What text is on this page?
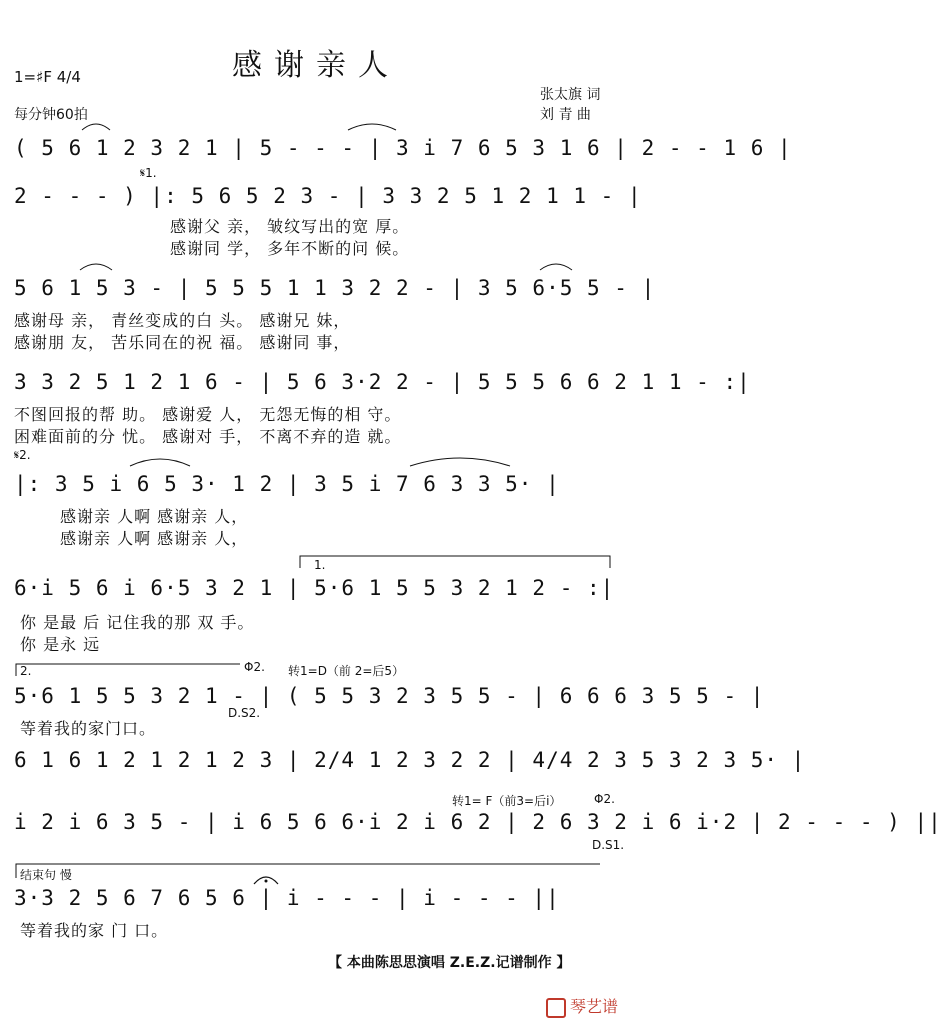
感谢亲人
1=♯F 4/4
每分钟60拍
张太旗 词
刘 青 曲
( 5 6 1 2 3 2 1 | 5 - - - | 3 i 7 6 5 3 1 6 | 2 - - 1 6 |
𝄋1.
2 - - - ) |: 5 6 5 2 3 - | 3 3 2 5 1 2 1 1 - |
感谢父 亲， 皱纹写出的宽 厚。
感谢同 学， 多年不断的问 候。
5 6 1 5 3 - | 5 5 5 1 1 3 2 2 - | 3 5 6·5 5 - |
感谢母 亲， 青丝变成的白 头。 感谢兄 妹，
感谢朋 友， 苦乐同在的祝 福。 感谢同 事，
3 3 2 5 1 2 1 6 - | 5 6 3·2 2 - | 5 5 5 6 6 2 1 1 - :|
不图回报的帮 助。 感谢爱 人， 无怨无悔的相 守。
困难面前的分 忧。 感谢对 手， 不离不弃的造 就。
𝄋2.
|: 3 5 i 6 5 3· 1 2 | 3 5 i 7 6 3 3 5· |
感谢亲 人啊 感谢亲 人，
感谢亲 人啊 感谢亲 人，
1.
6·i 5 6 i 6·5 3 2 1 | 5·6 1 5 5 3 2 1 2 - :|
你 是最 后 记住我的那 双 手。
你 是永 远
2.	Φ2. 转1=D（前 2=后5）
5·6 1 5 5 3 2 1 - | ( 5 5 3 2 3 5 5 - | 6 6 6 3 5 5 - |
D.S2.
等着我的家门口。
6 1 6 1 2 1 2 1 2 3 | 2/4 1 2 3 2 2 | 4/4 2 3 5 3 2 3 5· |
转1= F（前3=后i）	Φ2.
i 2 i 6 3 5 - | i 6 5 6 6·i 2 i 6 2 | 2 6 3 2 i 6 i·2 | 2 - - - ) ||
D.S1.
结束句 慢
3·3 2 5 6 7 6 5 6 | i - - - | i - - - ||
等着我的家 门 口。
【 本曲陈思思演唱 Z.E.Z.记谱制作 】
琴艺谱
